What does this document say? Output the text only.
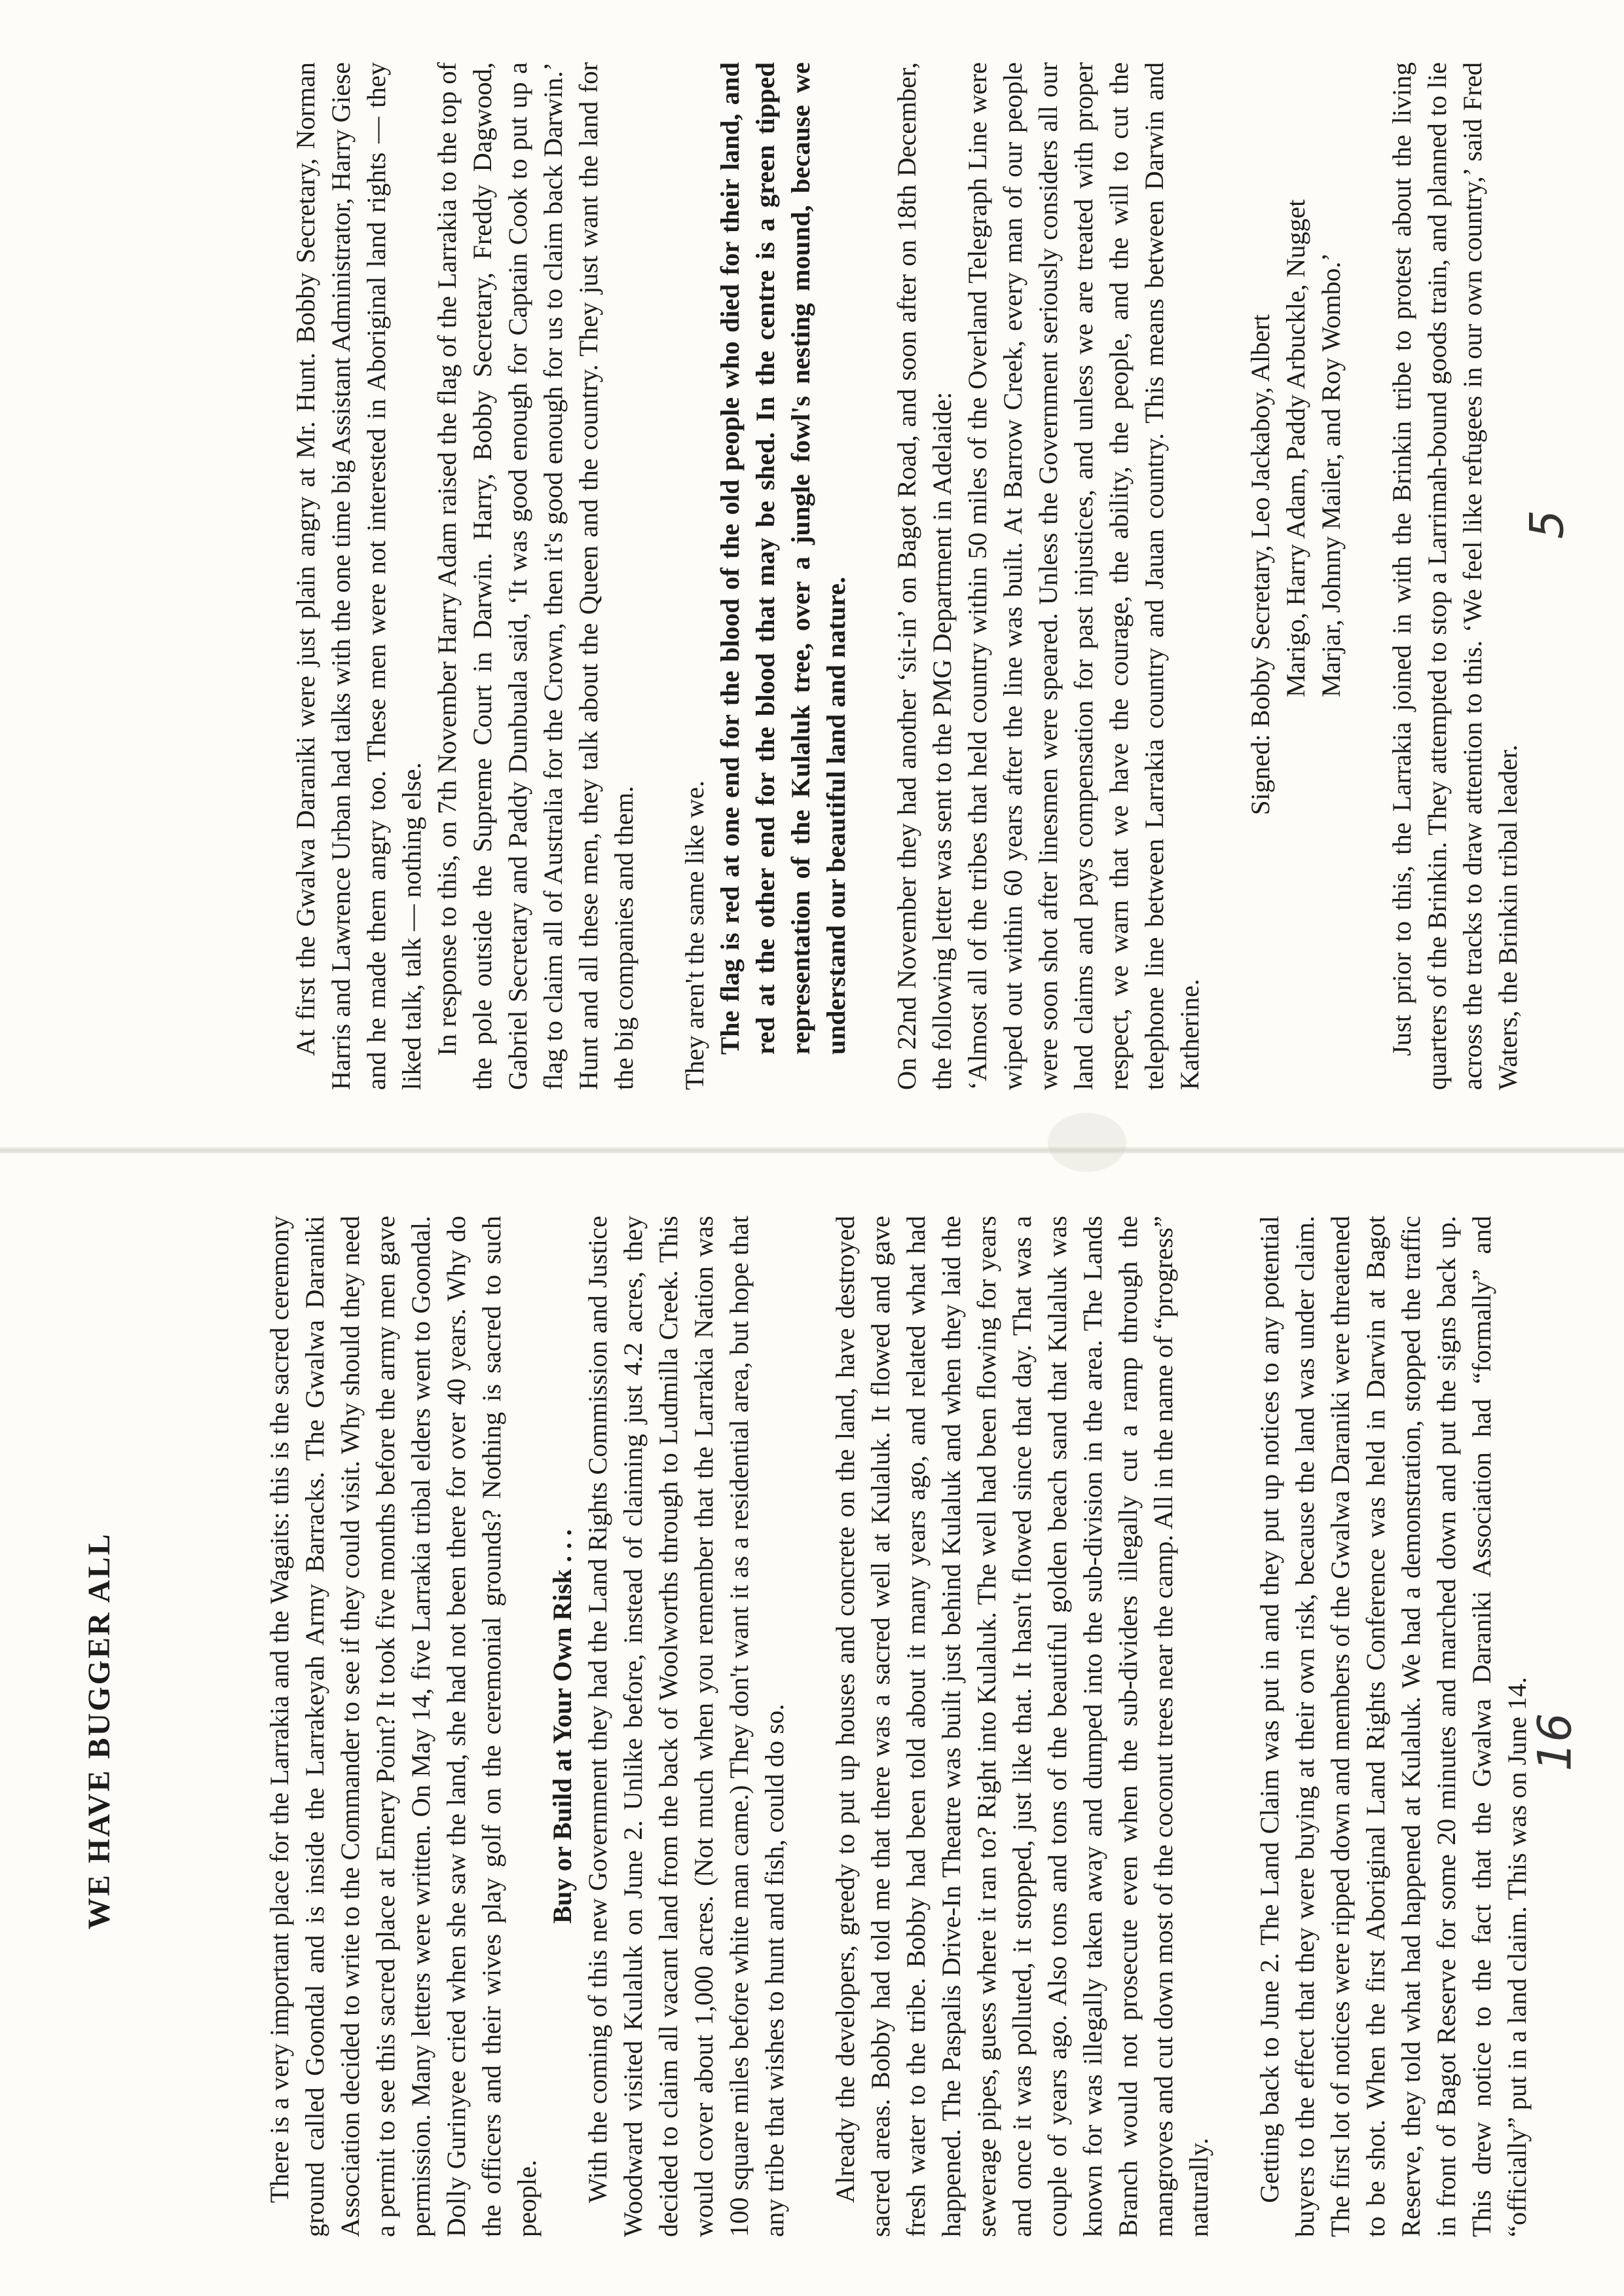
WE HAVE BUGGER ALL	There is a very important place for the Larrakia and the Wagaits: this is the sacred ceremony ground called Goondal and is inside the Larrakeyah Army Barracks. The Gwalwa Daraniki Association decided to write to the Commander to see if they could visit. Why should they need a permit to see this sacred place at Emery Point? It took five months before the army men gave permission. Many letters were written. On May 14, five Larrakia tribal elders went to Goondal. Dolly Gurinyee cried when she saw the land, she had not been there for over 40 years. Why do the officers and their wives play golf on the ceremonial grounds? Nothing is sacred to such people.

Buy or Build at Your Own Risk . . . With the coming of this new Government they had the Land Rights Commission and Justice Woodward visited Kulaluk on June 2. Unlike before, instead of claiming just 4.2 acres, they decided to claim all vacant land from the back of Woolworths through to Ludmilla Creek. This would cover about 1,000 acres. (Not much when you remember that the Larrakia Nation was 100 square miles before white man came.) They don't want it as a residential area, but hope that any tribe that wishes to hunt and fish, could do so. Already the developers, greedy to put up houses and concrete on the land, have destroyed sacred areas. Bobby had told me that there was a sacred well at Kulaluk. It flowed and gave fresh water to the tribe. Bobby had been told about it many years ago, and related what had happened. The Paspalis Drive-In Theatre was built just behind Kulaluk and when they laid the sewerage pipes, guess where it ran to? Right into Kulaluk. The well had been flowing for years and once it was polluted, it stopped, just like that. It hasn't flowed since that day. That was a couple of years ago. Also tons and tons of the beautiful golden beach sand that Kulaluk was known for was illegally taken away and dumped into the sub-division in the area. The Lands Branch would not prosecute even when the sub-dividers illegally cut a ramp through the mangroves and cut down most of the coconut trees near the camp. All in the name of “progress” naturally. Getting back to June 2. The Land Claim was put in and they put up notices to any potential buyers to the effect that they were buying at their own risk, because the land was under claim. The first lot of notices were ripped down and members of the Gwalwa Daraniki were threatened to be shot. When the first Aboriginal Land Rights Conference was held in Darwin at Bagot Reserve, they told what had happened at Kulaluk. We had a demonstration, stopped the traffic in front of Bagot Reserve for some 20 minutes and marched down and put the signs back up. This drew notice to the fact that the Gwalwa Daraniki Association had “formally” and “officially” put in a land claim. This was on June 14.

At first the Gwalwa Daraniki were just plain angry at Mr. Hunt. Bobby Secretary, Norman Harris and Lawrence Urban had talks with the one time big Assistant Administrator, Harry Giese and he made them angry too. These men were not interested in Aboriginal land rights — they liked talk, talk — nothing else. In response to this, on 7th November Harry Adam raised the flag of the Larrakia to the top of the pole outside the Supreme Court in Darwin. Harry, Bobby Secretary, Freddy Dagwood, Gabriel Secretary and Paddy Dunbuala said, ‘It was good enough for Captain Cook to put up a flag to claim all of Australia for the Crown, then it's good enough for us to claim back Darwin.’ Hunt and all these men, they talk about the Queen and the country. They just want the land for the big companies and them. They aren't the same like we. The flag is red at one end for the blood of the old people who died for their land, and red at the other end for the blood that may be shed. In the centre is a green tipped representation of the Kulaluk tree, over a jungle fowl's nesting mound, because we understand our beautiful land and nature. On 22nd November they had another ‘sit-in’ on Bagot Road, and soon after on 18th December, the following letter was sent to the PMG Department in Adelaide: ‘Almost all of the tribes that held country within 50 miles of the Overland Telegraph Line were wiped out within 60 years after the line was built. At Barrow Creek, every man of our people were soon shot after linesmen were speared. Unless the Government seriously considers all our land claims and pays compensation for past injustices, and unless we are treated with proper respect, we warn that we have the courage, the ability, the people, and the will to cut the telephone line between Larrakia country and Jauan country. This means between Darwin and Katherine.

Signed: Bobby Secretary, Leo Jackaboy, Albert Marigo, Harry Adam, Paddy Arbuckle, Nugget Marjar, Johnny Mailer, and Roy Wombo.’ Just prior to this, the Larrakia joined in with the Brinkin tribe to protest about the living quarters of the Brinkin. They attempted to stop a Larrimah-bound goods train, and planned to lie across the tracks to draw attention to this. ‘We feel like refugees in our own country,’ said Fred Waters, the Brinkin tribal leader.

16
5
